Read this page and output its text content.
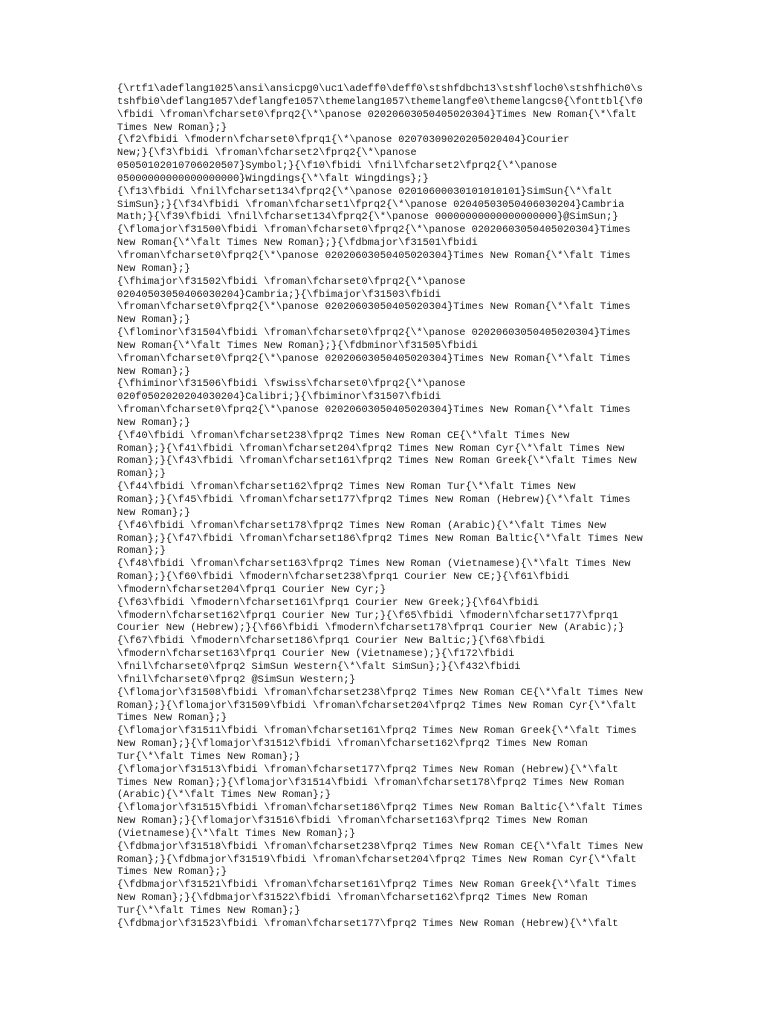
{\rtf1\adeflang1025\ansi\ansicpg0\uc1\adeff0\deff0\stshfdbch13\stshfloch0\stshfhich0\s
tshfbi0\deflang1057\deflangfe1057\themelang1057\themelangfe0\themelangcs0{\fonttbl{\f0
\fbidi \froman\fcharset0\fprq2{\*\panose 02020603050405020304}Times New Roman{\*\falt
Times New Roman};}
{\f2\fbidi \fmodern\fcharset0\fprq1{\*\panose 02070309020205020404}Courier
New;}{\f3\fbidi \froman\fcharset2\fprq2{\*\panose
05050102010706020507}Symbol;}{\f10\fbidi \fnil\fcharset2\fprq2{\*\panose
05000000000000000000}Wingdings{\*\falt Wingdings};}
{\f13\fbidi \fnil\fcharset134\fprq2{\*\panose 02010600030101010101}SimSun{\*\falt
SimSun};}{\f34\fbidi \froman\fcharset1\fprq2{\*\panose 02040503050406030204}Cambria
Math;}{\f39\fbidi \fnil\fcharset134\fprq2{\*\panose 00000000000000000000}@SimSun;}
{\flomajor\f31500\fbidi \froman\fcharset0\fprq2{\*\panose 02020603050405020304}Times
New Roman{\*\falt Times New Roman};}{\fdbmajor\f31501\fbidi
\froman\fcharset0\fprq2{\*\panose 02020603050405020304}Times New Roman{\*\falt Times
New Roman};}
{\fhimajor\f31502\fbidi \froman\fcharset0\fprq2{\*\panose
02040503050406030204}Cambria;}{\fbimajor\f31503\fbidi
\froman\fcharset0\fprq2{\*\panose 02020603050405020304}Times New Roman{\*\falt Times
New Roman};}
{\flominor\f31504\fbidi \froman\fcharset0\fprq2{\*\panose 02020603050405020304}Times
New Roman{\*\falt Times New Roman};}{\fdbminor\f31505\fbidi
\froman\fcharset0\fprq2{\*\panose 02020603050405020304}Times New Roman{\*\falt Times
New Roman};}
{\fhiminor\f31506\fbidi \fswiss\fcharset0\fprq2{\*\panose
020f0502020204030204}Calibri;}{\fbiminor\f31507\fbidi
\froman\fcharset0\fprq2{\*\panose 02020603050405020304}Times New Roman{\*\falt Times
New Roman};}
{\f40\fbidi \froman\fcharset238\fprq2 Times New Roman CE{\*\falt Times New
Roman};}{\f41\fbidi \froman\fcharset204\fprq2 Times New Roman Cyr{\*\falt Times New
Roman};}{\f43\fbidi \froman\fcharset161\fprq2 Times New Roman Greek{\*\falt Times New
Roman};}
{\f44\fbidi \froman\fcharset162\fprq2 Times New Roman Tur{\*\falt Times New
Roman};}{\f45\fbidi \froman\fcharset177\fprq2 Times New Roman (Hebrew){\*\falt Times
New Roman};}
{\f46\fbidi \froman\fcharset178\fprq2 Times New Roman (Arabic){\*\falt Times New
Roman};}{\f47\fbidi \froman\fcharset186\fprq2 Times New Roman Baltic{\*\falt Times New
Roman};}
{\f48\fbidi \froman\fcharset163\fprq2 Times New Roman (Vietnamese){\*\falt Times New
Roman};}{\f60\fbidi \fmodern\fcharset238\fprq1 Courier New CE;}{\f61\fbidi
\fmodern\fcharset204\fprq1 Courier New Cyr;}
{\f63\fbidi \fmodern\fcharset161\fprq1 Courier New Greek;}{\f64\fbidi
\fmodern\fcharset162\fprq1 Courier New Tur;}{\f65\fbidi \fmodern\fcharset177\fprq1
Courier New (Hebrew);}{\f66\fbidi \fmodern\fcharset178\fprq1 Courier New (Arabic);}
{\f67\fbidi \fmodern\fcharset186\fprq1 Courier New Baltic;}{\f68\fbidi
\fmodern\fcharset163\fprq1 Courier New (Vietnamese);}{\f172\fbidi
\fnil\fcharset0\fprq2 SimSun Western{\*\falt SimSun};}{\f432\fbidi
\fnil\fcharset0\fprq2 @SimSun Western;}
{\flomajor\f31508\fbidi \froman\fcharset238\fprq2 Times New Roman CE{\*\falt Times New
Roman};}{\flomajor\f31509\fbidi \froman\fcharset204\fprq2 Times New Roman Cyr{\*\falt
Times New Roman};}
{\flomajor\f31511\fbidi \froman\fcharset161\fprq2 Times New Roman Greek{\*\falt Times
New Roman};}{\flomajor\f31512\fbidi \froman\fcharset162\fprq2 Times New Roman
Tur{\*\falt Times New Roman};}
{\flomajor\f31513\fbidi \froman\fcharset177\fprq2 Times New Roman (Hebrew){\*\falt
Times New Roman};}{\flomajor\f31514\fbidi \froman\fcharset178\fprq2 Times New Roman
(Arabic){\*\falt Times New Roman};}
{\flomajor\f31515\fbidi \froman\fcharset186\fprq2 Times New Roman Baltic{\*\falt Times
New Roman};}{\flomajor\f31516\fbidi \froman\fcharset163\fprq2 Times New Roman
(Vietnamese){\*\falt Times New Roman};}
{\fdbmajor\f31518\fbidi \froman\fcharset238\fprq2 Times New Roman CE{\*\falt Times New
Roman};}{\fdbmajor\f31519\fbidi \froman\fcharset204\fprq2 Times New Roman Cyr{\*\falt
Times New Roman};}
{\fdbmajor\f31521\fbidi \froman\fcharset161\fprq2 Times New Roman Greek{\*\falt Times
New Roman};}{\fdbmajor\f31522\fbidi \froman\fcharset162\fprq2 Times New Roman
Tur{\*\falt Times New Roman};}
{\fdbmajor\f31523\fbidi \froman\fcharset177\fprq2 Times New Roman (Hebrew){\*\falt
